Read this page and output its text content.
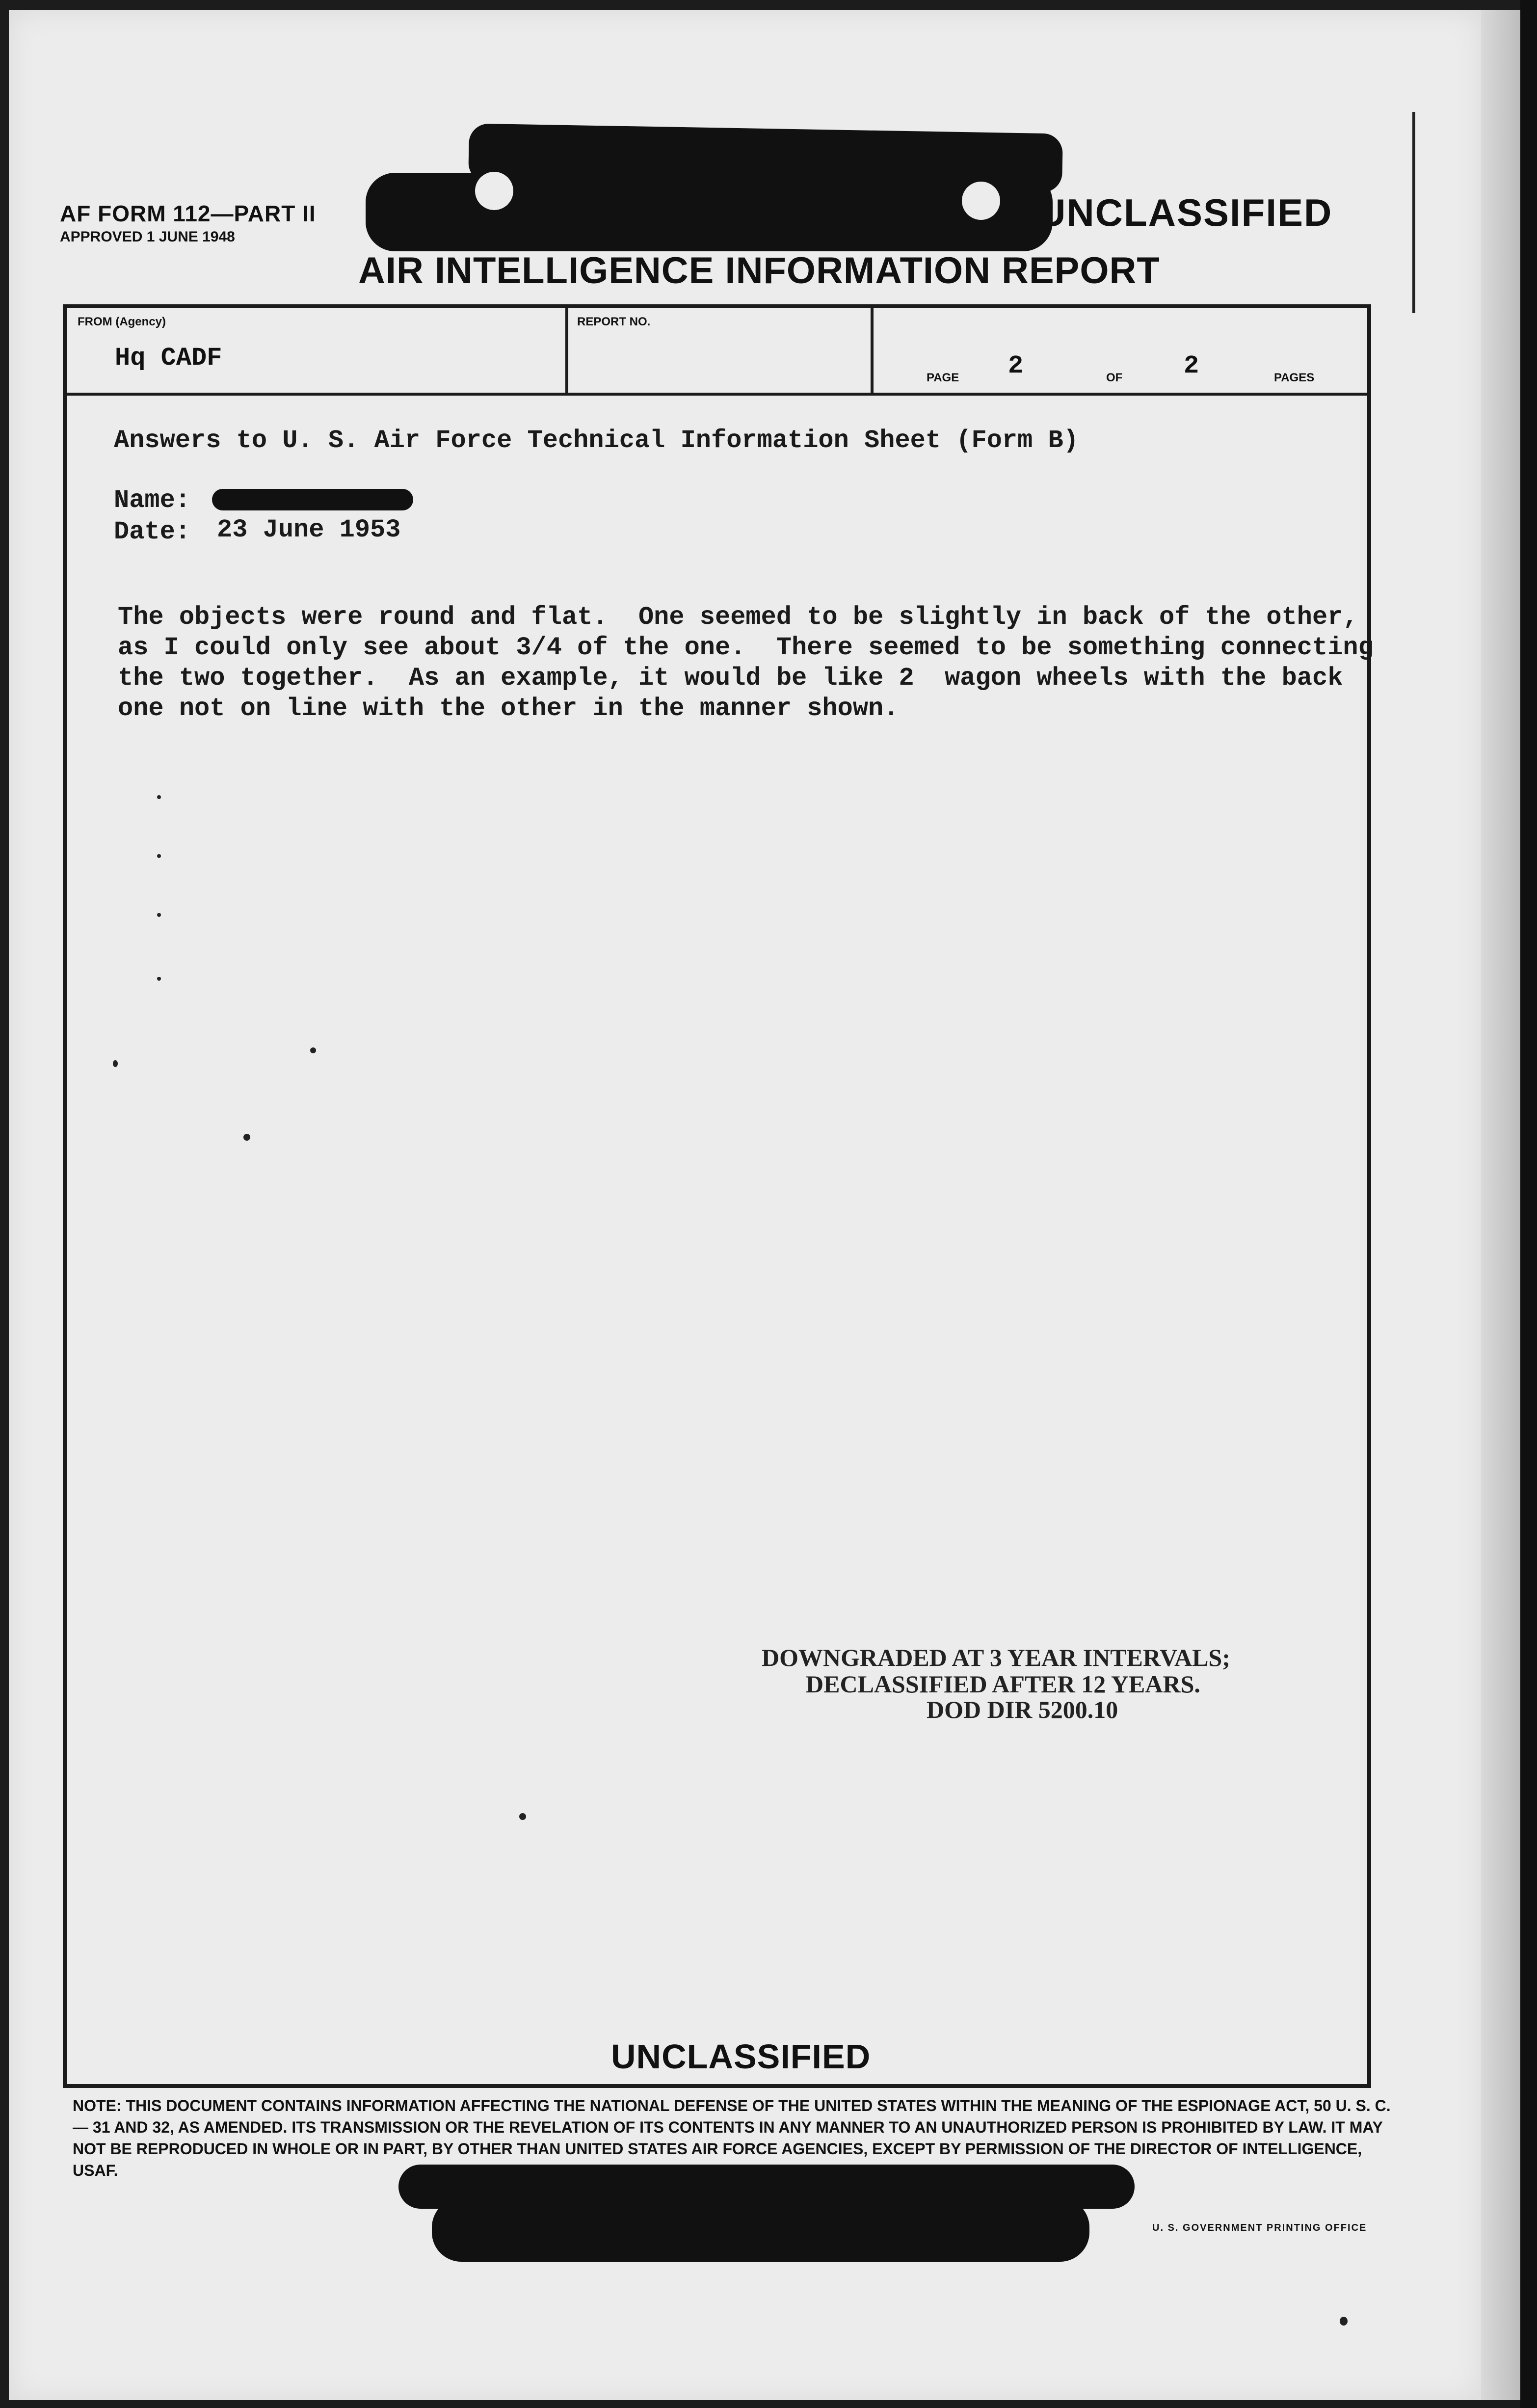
AF FORM 112—PART II
APPROVED 1 JUNE 1948
UNCLASSIFIED
AIR INTELLIGENCE INFORMATION REPORT
FROM (Agency)
Hq CADF
REPORT NO.
PAGE 2	OF 2	PAGES
Answers to U. S. Air Force Technical Information Sheet (Form B)
Name:
Date: 23 June 1953
The objects were round and flat.  One seemed to be slightly in back of the other,
as I could only see about 3/4 of the one.  There seemed to be something connecting
the two together.  As an example, it would be like 2  wagon wheels with the back
one not on line with the other in the manner shown.
DOWNGRADED AT 3 YEAR INTERVALS;
DECLASSIFIED AFTER 12 YEARS.
DOD DIR 5200.10
UNCLASSIFIED
NOTE: THIS DOCUMENT CONTAINS INFORMATION AFFECTING THE NATIONAL DEFENSE OF THE UNITED STATES WITHIN THE MEANING OF THE ESPIONAGE ACT, 50 U. S. C.— 31 AND 32, AS AMENDED. ITS TRANSMISSION OR THE REVELATION OF ITS CONTENTS IN ANY MANNER TO AN UNAUTHORIZED PERSON IS PROHIBITED BY LAW. IT MAY NOT BE REPRODUCED IN WHOLE OR IN PART, BY OTHER THAN UNITED STATES AIR FORCE AGENCIES, EXCEPT BY PERMISSION OF THE DIRECTOR OF INTELLIGENCE, USAF.
U. S. GOVERNMENT PRINTING OFFICE
